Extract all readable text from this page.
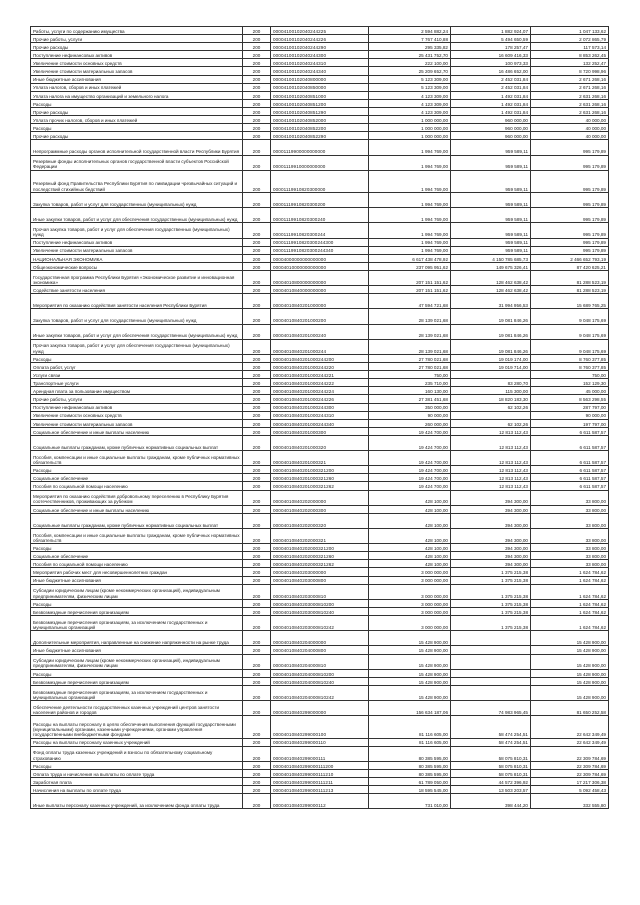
Работы, услуги по содержанию имущества	200	00004100102040244225	2 594 882,24	1 882 924,07	1 047 133,62
Прочие работы, услуги	200	00004100102040244226	7 767 410,88	5 494 650,59	2 072 865,79
Прочие расходы	200	00004100102040244290	295 335,82	178 257,47	117 573,14
Поступление нефинансовых активов	200	00004100102040244300	25 431 752,70	16 609 416,33	8 853 262,45
Увеличение стоимости основных средств	200	00004100102040244310	222 100,00	100 973,33	132 252,47
Увеличение стоимости материальных запасов	200	00004100102040244340	25 209 652,70	16 486 652,00	8 720 998,96
Иные бюджетные ассигнования	200	00004100102040800000	5 123 309,00	2 452 031,84	2 671 268,16
Уплата налогов, сборов и иных платежей	200	00004100102040850000	5 123 309,00	2 452 031,84	2 671 268,16
Уплата налога на имущество организаций и земельного налога	200	00004100102040851000	4 123 309,00	1 492 031,84	2 631 268,16
Расходы	200	00004100102040851200	4 123 309,00	1 492 031,84	2 631 268,16
Прочие расходы	200	00004100102040851290	4 123 309,00	1 492 031,84	2 631 268,16
Уплата прочих налогов, сборов и иных платежей	200	00004100102040852000	1 000 000,00	960 000,00	40 000,00
Расходы	200	00004100102040852200	1 000 000,00	960 000,00	40 000,00
Прочие расходы	200	00004100102040852290	1 000 000,00	960 000,00	40 000,00
Непрограммные расходы органов исполнительной государственной власти Республики Бурятия	200	00001119900000000000	1 994 769,00	959 589,11	995 179,89
Резервные фонды исполнительных органов государственной власти субъектов Российской Федерации	200	00001119910000000000	1 994 769,00	959 589,11	995 179,89
Резервный фонд Правительства Республики Бурятия по ликвидации чрезвычайных ситуаций и последствий стихийных бедствий	200	00001119910820300000	1 994 769,00	959 589,11	995 179,89
Закупка товаров, работ и услуг для государственных (муниципальных) нужд	200	00001119910820300200	1 994 769,00	959 589,11	995 179,89
Иные закупки товаров, работ и услуг для обеспечения государственных (муниципальных) нужд	200	00001119910820300240	1 994 769,00	959 589,11	995 179,89
Прочая закупка товаров, работ и услуг для обеспечения государственных (муниципальных) нужд	200	00001119910820300244	1 994 769,00	959 589,11	995 179,89
Поступление нефинансовых активов	200	00001119910820300244300	1 994 769,00	959 589,11	995 179,89
Увеличение стоимости материальных запасов	200	00001119910820300244340	1 994 769,00	959 589,11	995 179,89
НАЦИОНАЛЬНАЯ ЭКОНОМИКА	200	00004000000000000000	6 617 438 478,92	4 150 785 685,73	2 466 652 793,19
Общеэкономические вопросы	200	00004010000000000000	237 095 951,62	149 675 326,41	87 420 625,21
Государственная программа Республики Бурятия «Экономическое развитие и инновационная экономика»	200	00004010800000000000	207 151 151,62	128 462 638,42	81 288 523,19
Содействие занятости населения	200	00004010840000000000	207 151 151,62	128 462 638,42	81 288 523,19
Мероприятия по оказанию содействия занятости населения Республики Бурятия	200	00004010840201000000	47 594 721,68	31 994 956,53	15 689 765,25
Закупка товаров, работ и услуг для государственных (муниципальных) нужд	200	00004010840201000200	28 139 021,68	19 081 846,26	9 048 175,69
Иные закупки товаров, работ и услуг для обеспечения государственных (муниципальных) нужд	200	00004010840201000240	28 139 021,68	19 081 846,26	9 048 175,69
Прочая закупка товаров, работ и услуг для обеспечения государственных (муниципальных) нужд	200	00004010840201000244	28 139 021,68	19 081 846,26	9 048 175,69
Расходы	200	00004010840201000244200	27 780 021,68	19 019 174,00	8 760 377,85
Оплата работ, услуг	200	00004010840201000244220	27 780 021,68	19 019 714,00	8 760 377,85
Услуги связи	200	00004010840201000244221	750,00		750,00
Транспортные услуги	200	00004010840201000244222	235 710,00	83 280,70	152 129,30
Арендная плата за пользование имуществом	200	00004010840201000244224	160 130,00	115 300,00	45 000,00
Прочие работы, услуги	200	00004010840201000244226	27 381 451,68	18 820 183,30	8 563 298,55
Поступление нефинансовых активов	200	00004010840201000244300	350 000,00	62 102,26	287 797,00
Увеличение стоимости основных средств	200	00004010840201000244310	90 000,00		90 000,00
Увеличение стоимости материальных запасов	200	00004010840201000244340	260 000,00	62 102,26	197 797,00
Социальное обеспечение и иные выплаты населению	200	00004010840201000300	19 424 700,00	12 813 112,43	6 611 587,57
Социальные выплаты гражданам, кроме публичных нормативных социальных выплат	200	00004010840201000320	19 424 700,00	12 813 112,43	6 611 587,57
Пособия, компенсации и иные социальные выплаты гражданам, кроме публичных нормативных обязательств	200	00004010840201000321	19 424 700,00	12 813 112,43	6 611 587,57
Расходы	200	00004010840201000321200	19 424 700,00	12 813 112,43	6 611 587,57
Социальное обеспечение	200	00004010840201000321260	19 424 700,00	12 813 112,43	6 611 587,57
Пособия по социальной помощи населению	200	00004010840201000321262	19 424 700,00	12 813 112,43	6 611 587,57
Мероприятия по оказанию содействия добровольному переселению в Республику Бурятия соотечественников, проживающих за рубежом	200	00004010840202000000	428 100,00	394 300,00	33 800,00
Социальное обеспечение и иные выплаты населению	200	00004010840202000300	428 100,00	394 300,00	33 800,00
Социальные выплаты гражданам, кроме публичных нормативных социальных выплат	200	00004010840202000320	428 100,00	394 300,00	33 800,00
Пособия, компенсации и иные социальные выплаты гражданам, кроме публичных нормативных обязательств	200	00004010840202000321	428 100,00	394 300,00	33 800,00
Расходы	200	00004010840202000321200	428 100,00	394 300,00	33 800,00
Социальное обеспечение	200	00004010840202000321260	428 100,00	394 300,00	33 800,00
Пособия по социальной помощи населению	200	00004010840202000321262	428 100,00	394 300,00	33 800,00
Мероприятия рабочих мест для несовершеннолетних граждан	200	00004010840203000000	3 000 000,00	1 375 215,38	1 624 784,62
Иные бюджетные ассигнования	200	00004010840203000800	3 000 000,00	1 375 215,38	1 624 784,62
Субсидии юридическим лицам (кроме некоммерческих организаций), индивидуальным предпринимателям, физическим лицам	200	00004010840203000810	3 000 000,00	1 375 215,38	1 624 784,62
Расходы	200	00004010840203000810200	3 000 000,00	1 375 215,38	1 624 784,62
Безвозмездные перечисления организациям	200	00004010840203000810240	3 000 000,00	1 375 215,38	1 624 784,62
Безвозмездные перечисления организациям, за исключением государственных и муниципальных организаций	200	00004010840203000810242	3 000 000,00	1 375 215,38	1 624 784,62
Дополнительные мероприятия, направленные на снижение напряженности на рынке труда	200	00004010840204000000	15 428 900,00		15 428 900,00
Иные бюджетные ассигнования	200	00004010840204000800	15 428 900,00		15 428 900,00
Субсидии юридическим лицам (кроме некоммерческих организаций), индивидуальным предпринимателям, физическим лицам	200	00004010840204000810	15 428 900,00		15 428 900,00
Расходы	200	00004010840204000810200	15 428 900,00		15 428 900,00
Безвозмездные перечисления организациям	200	00004010840204000810240	15 428 900,00		15 428 900,00
Безвозмездные перечисления организациям, за исключением государственных и муниципальных организаций	200	00004010840204000810242	15 428 900,00		15 428 900,00
Обеспечение деятельности государственных казенных учреждений центров занятости населения районов и городов	200	00004010840299000000	156 634 187,06	74 983 965,45	81 650 252,58
Расходы на выплаты персоналу в целях обеспечения выполнения функций государственными (муниципальными) органами, казенными учреждениями, органами управления государственными внебюджетными фондами	200	00004010840299000100	81 116 605,00	58 474 254,51	22 642 349,49
Расходы на выплаты персоналу казенных учреждений	200	00004010840299000110	81 116 605,00	58 474 254,51	22 642 349,49
Фонд оплаты труда казенных учреждений и взносы по обязательному социальному страхованию	200	00004010840299000111	80 385 595,00	58 075 810,31	22 309 784,69
Расходы	200	00004010840299000111200	80 385 595,00	58 075 810,31	22 309 784,69
Оплата труда и начисления на выплаты по оплате труда	200	00004010840299000111210	80 385 595,00	58 075 810,31	22 309 784,69
Заработная плата	200	00004010840299000111211	61 789 050,00	44 572 396,92	17 217 306,38
Начисления на выплаты по оплате труда	200	00004010840299000111213	18 595 545,00	13 503 203,57	5 092 458,43
Иные выплаты персоналу казенных учреждений, за исключением фонда оплаты труда	200	00004010840299000112	731 010,00	398 444,20	332 555,80
